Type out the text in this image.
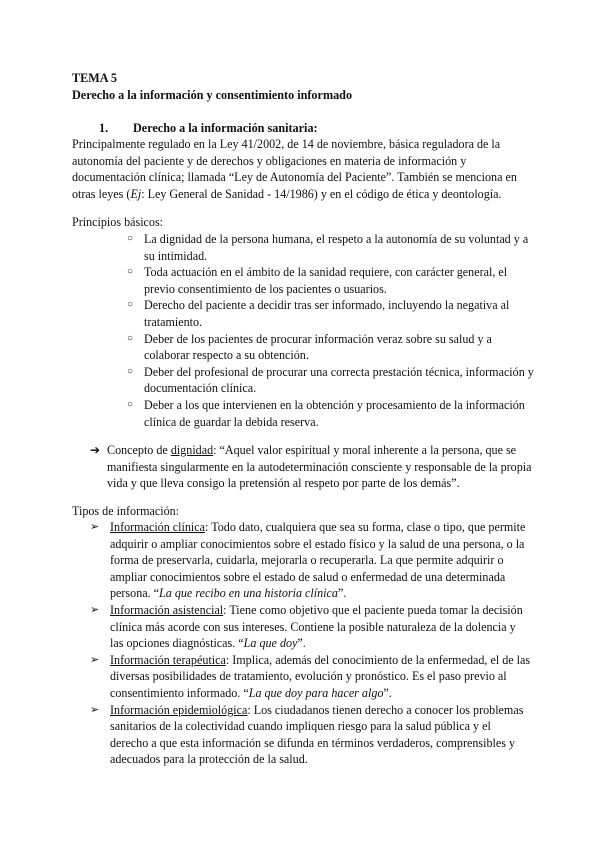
TEMA 5
Derecho a la información y consentimiento informado
1. Derecho a la información sanitaria:
Principalmente regulado en la Ley 41/2002, de 14 de noviembre, básica reguladora de la
autonomía del paciente y de derechos y obligaciones en materia de información y
documentación clínica; llamada “Ley de Autonomía del Paciente”. También se menciona en
otras leyes (Ej: Ley General de Sanidad - 14/1986) y en el código de ética y deontología.
Principios básicos:
○ La dignidad de la persona humana, el respeto a la autonomía de su voluntad y a su intimidad.
○ Toda actuación en el ámbito de la sanidad requiere, con carácter general, el previo consentimiento de los pacientes o usuarios.
○ Derecho del paciente a decidir tras ser informado, incluyendo la negativa al tratamiento.
○ Deber de los pacientes de procurar información veraz sobre su salud y a colaborar respecto a su obtención.
○ Deber del profesional de procurar una correcta prestación técnica, información y documentación clínica.
○ Deber a los que intervienen en la obtención y procesamiento de la información clínica de guardar la debida reserva.
➔ Concepto de dignidad: “Aquel valor espiritual y moral inherente a la persona, que se manifiesta singularmente en la autodeterminación consciente y responsable de la propia vida y que lleva consigo la pretensión al respeto por parte de los demás”.
Tipos de información:
➢ Información clínica: Todo dato, cualquiera que sea su forma, clase o tipo, que permite adquirir o ampliar conocimientos sobre el estado físico y la salud de una persona, o la forma de preservarla, cuidarla, mejorarla o recuperarla. La que permite adquirir o ampliar conocimientos sobre el estado de salud o enfermedad de una determinada persona. “La que recibo en una historia clínica”.
➢ Información asistencial: Tiene como objetivo que el paciente pueda tomar la decisión clínica más acorde con sus intereses. Contiene la posible naturaleza de la dolencia y las opciones diagnósticas. “La que doy”.
➢ Información terapéutica: Implica, además del conocimiento de la enfermedad, el de las diversas posibilidades de tratamiento, evolución y pronóstico. Es el paso previo al consentimiento informado. “La que doy para hacer algo”.
➢ Información epidemiológica: Los ciudadanos tienen derecho a conocer los problemas sanitarios de la colectividad cuando impliquen riesgo para la salud pública y el derecho a que esta información se difunda en términos verdaderos, comprensibles y adecuados para la protección de la salud.
